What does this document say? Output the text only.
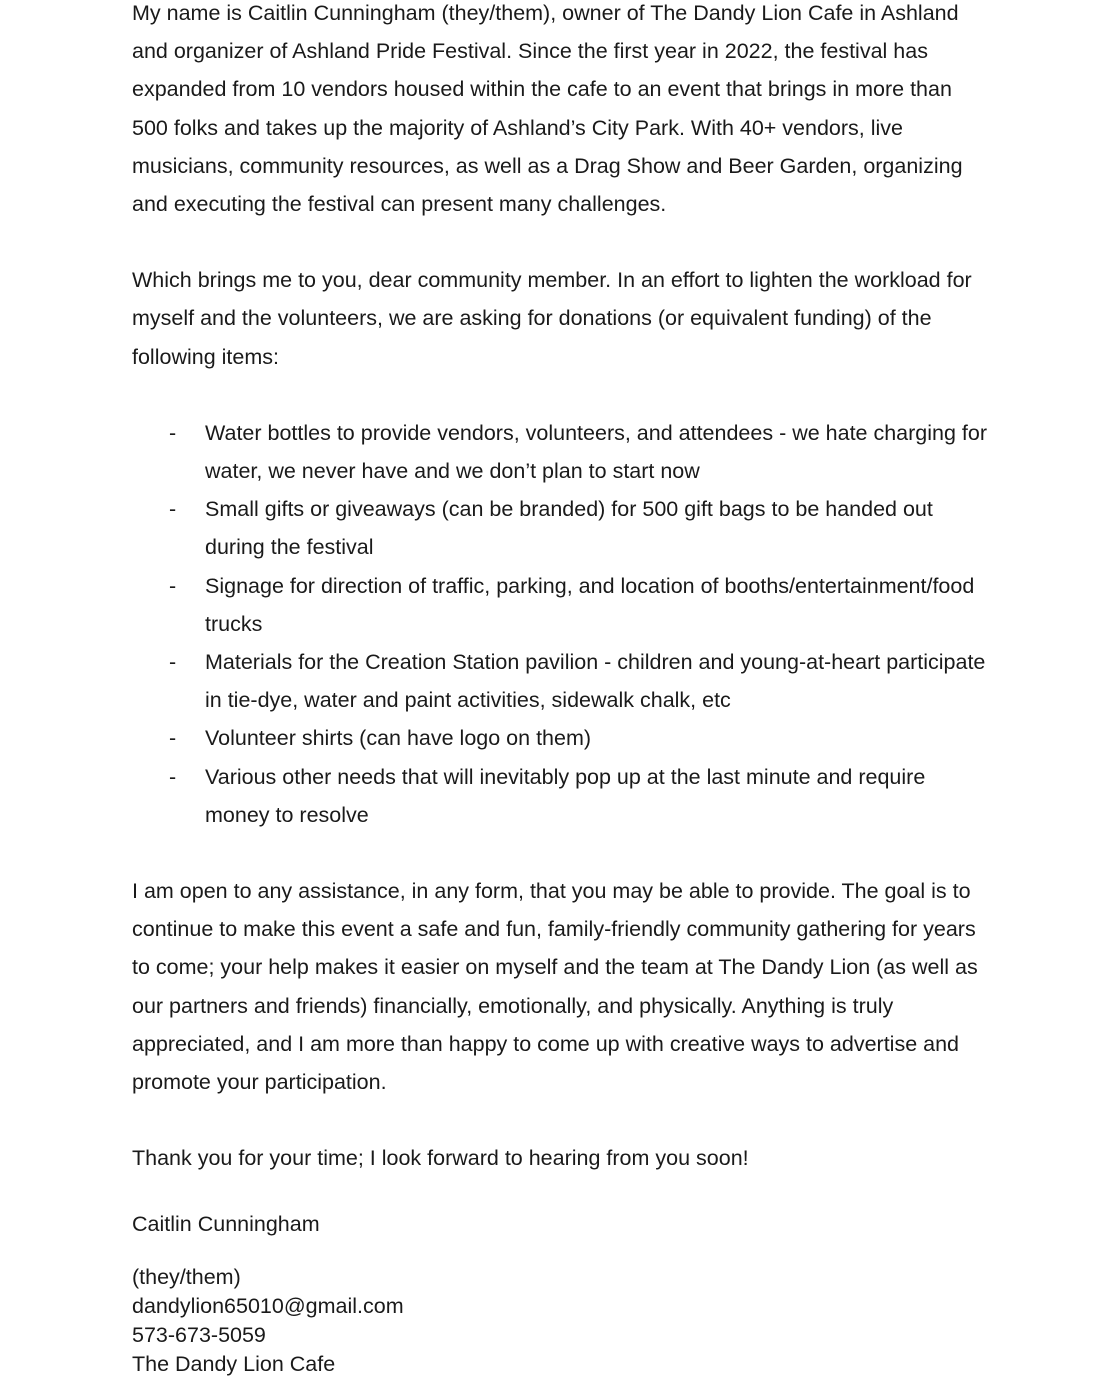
My name is Caitlin Cunningham (they/them), owner of The Dandy Lion Cafe in Ashland and organizer of Ashland Pride Festival. Since the first year in 2022, the festival has expanded from 10 vendors housed within the cafe to an event that brings in more than 500 folks and takes up the majority of Ashland’s City Park. With 40+ vendors, live musicians, community resources, as well as a Drag Show and Beer Garden, organizing and executing the festival can present many challenges.

Which brings me to you, dear community member. In an effort to lighten the workload for myself and the volunteers, we are asking for donations (or equivalent funding) of the following items:

- Water bottles to provide vendors, volunteers, and attendees - we hate charging for water, we never have and we don’t plan to start now
- Small gifts or giveaways (can be branded) for 500 gift bags to be handed out during the festival
- Signage for direction of traffic, parking, and location of booths/entertainment/food trucks
- Materials for the Creation Station pavilion - children and young-at-heart participate in tie-dye, water and paint activities, sidewalk chalk, etc
- Volunteer shirts (can have logo on them)
- Various other needs that will inevitably pop up at the last minute and require money to resolve

I am open to any assistance, in any form, that you may be able to provide. The goal is to continue to make this event a safe and fun, family-friendly community gathering for years to come; your help makes it easier on myself and the team at The Dandy Lion (as well as our partners and friends) financially, emotionally, and physically. Anything is truly appreciated, and I am more than happy to come up with creative ways to advertise and promote your participation.

Thank you for your time; I look forward to hearing from you soon!

Caitlin Cunningham

(they/them)

dandylion65010@gmail.com

573-673-5059

The Dandy Lion Cafe
